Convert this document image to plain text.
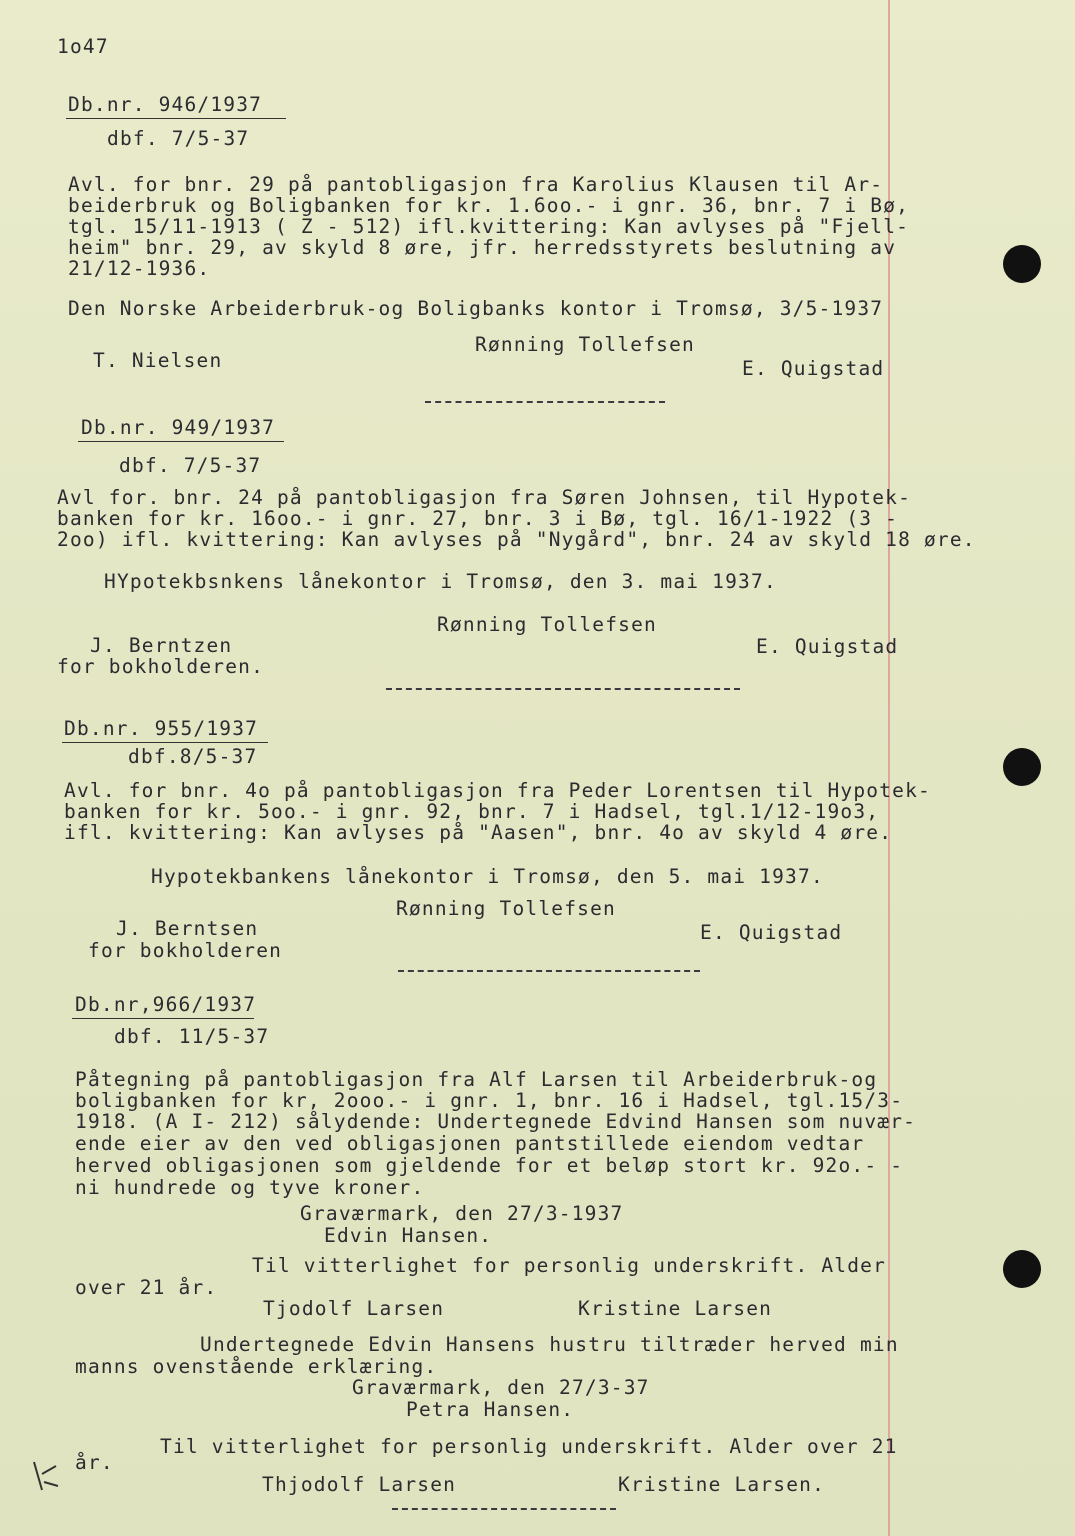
1o47
Db.nr. 946/1937
dbf. 7/5-37
Avl. for bnr. 29 på pantobligasjon fra Karolius Klausen til Ar-
beiderbruk og Boligbanken for kr. 1.6oo.- i gnr. 36, bnr. 7 i Bø,
tgl. 15/11-1913 ( Z - 512) ifl.kvittering: Kan avlyses på "Fjell-
heim" bnr. 29, av skyld 8 øre, jfr. herredsstyrets beslutning av
21/12-1936.
Den Norske Arbeiderbruk-og Boligbanks kontor i Tromsø, 3/5-1937
Rønning Tollefsen
T. Nielsen	E. Quigstad
Db.nr. 949/1937
dbf. 7/5-37
Avl for. bnr. 24 på pantobligasjon fra Søren Johnsen, til Hypotek-
banken for kr. 16oo.- i gnr. 27, bnr. 3 i Bø, tgl. 16/1-1922 (3 -
2oo) ifl. kvittering: Kan avlyses på "Nygård", bnr. 24 av skyld 18 øre.
HYpotekbsnkens lånekontor i Tromsø, den 3. mai 1937.
Rønning Tollefsen
J. Berntzen
for bokholderen.
E. Quigstad
Db.nr. 955/1937
dbf.8/5-37
Avl. for bnr. 4o på pantobligasjon fra Peder Lorentsen til Hypotek-
banken for kr. 5oo.- i gnr. 92, bnr. 7 i Hadsel, tgl.1/12-19o3,
ifl. kvittering: Kan avlyses på "Aasen", bnr. 4o av skyld 4 øre.
Hypotekbankens lånekontor i Tromsø, den 5. mai 1937.
Rønning Tollefsen
J. Berntsen
for bokholderen
E. Quigstad
Db.nr,966/1937
dbf. 11/5-37
Påtegning på pantobligasjon fra Alf Larsen til Arbeiderbruk-og
boligbanken for kr, 2ooo.- i gnr. 1, bnr. 16 i Hadsel, tgl.15/3-
1918. (A I- 212) sålydende: Undertegnede Edvind Hansen som nuvær-
ende eier av den ved obligasjonen pantstillede eiendom vedtar
herved obligasjonen som gjeldende for et beløp stort kr. 92o.- -
ni hundrede og tyve kroner.
Graværmark, den 27/3-1937
Edvin Hansen.
Til vitterlighet for personlig underskrift. Alder
over 21 år.
Tjodolf Larsen	Kristine Larsen
Undertegnede Edvin Hansens hustru tiltræder herved min
manns ovenstående erklæring.
Graværmark, den 27/3-37
Petra Hansen.
Til vitterlighet for personlig underskrift. Alder over 21
år.
Thjodolf Larsen	Kristine Larsen.
